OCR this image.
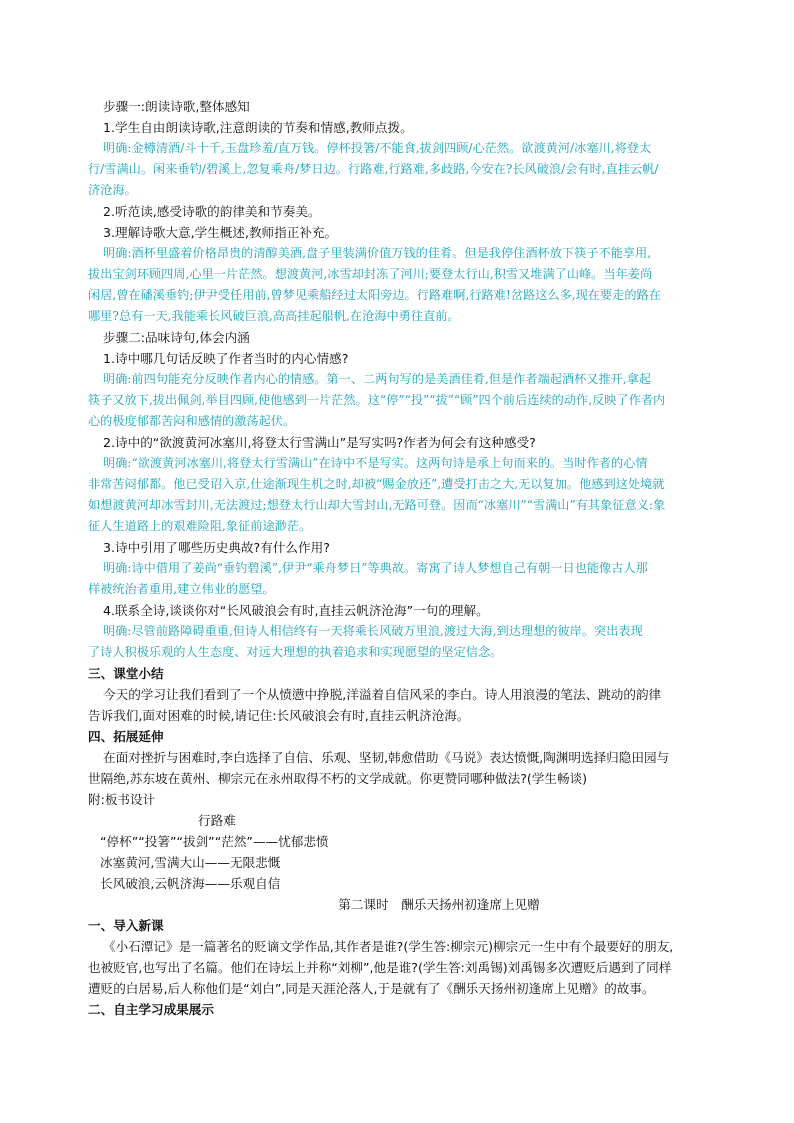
步骤一:朗读诗歌,整体感知
1.学生自由朗读诗歌,注意朗读的节奏和情感,教师点拨。
明确:金樽清酒/斗十千,玉盘珍羞/直万钱。停杯投箸/不能食,拔剑四顾/心茫然。欲渡黄河/冰塞川,将登太
行/雪满山。闲来垂钓/碧溪上,忽复乘舟/梦日边。行路难,行路难,多歧路,今安在?长风破浪/会有时,直挂云帆/
济沧海。
2.听范读,感受诗歌的韵律美和节奏美。
3.理解诗歌大意,学生概述,教师指正补充。
明确:酒杯里盛着价格昂贵的清醇美酒,盘子里装满价值万钱的佳肴。但是我停住酒杯放下筷子不能享用,
拔出宝剑环顾四周,心里一片茫然。想渡黄河,冰雪却封冻了河川;要登太行山,积雪又堆满了山峰。当年姜尚
闲居,曾在磻溪垂钓;伊尹受任用前,曾梦见乘船经过太阳旁边。行路难啊,行路难!岔路这么多,现在要走的路在
哪里?总有一天,我能乘长风破巨浪,高高挂起船帆,在沧海中勇往直前。
步骤二:品味诗句,体会内涵
1.诗中哪几句话反映了作者当时的内心情感?
明确:前四句能充分反映作者内心的情感。第一、二两句写的是美酒佳肴,但是作者端起酒杯又推开,拿起
筷子又放下,拔出佩剑,举目四顾,使他感到一片茫然。这“停”“投”“拔”“顾”四个前后连续的动作,反映了作者内
心的极度郁都苦闷和感情的激荡起伏。
2.诗中的“欲渡黄河冰塞川,将登太行雪满山”是写实吗?作者为何会有这种感受?
明确:“欲渡黄河冰塞川,将登太行雪满山”在诗中不是写实。这两句诗是承上句而来的。当时作者的心情
非常苦闷郁都。他已受诏入京,仕途渐现生机之时,却被“赐金放还”,遭受打击之大,无以复加。他感到这处境就
如想渡黄河却冰雪封川,无法渡过;想登太行山却大雪封山,无路可登。因而“冰塞川”“雪满山”有其象征意义:象
征人生道路上的艰难险阻,象征前途渺茫。
3.诗中引用了哪些历史典故?有什么作用?
明确:诗中借用了姜尚“垂钓碧溪”,伊尹“乘舟梦日”等典故。寄寓了诗人梦想自己有朝一日也能像古人那
样被统治者重用,建立伟业的愿望。
4.联系全诗,谈谈你对“长风破浪会有时,直挂云帆济沧海”一句的理解。
明确:尽管前路障碍重重,但诗人相信终有一天将乘长风破万里浪,渡过大海,到达理想的彼岸。突出表现
了诗人积极乐观的人生态度、对远大理想的执着追求和实现愿望的坚定信念。
三、课堂小结
今天的学习让我们看到了一个从愤懑中挣脱,洋溢着自信风采的李白。诗人用浪漫的笔法、跳动的韵律
告诉我们,面对困难的时候,请记住:长风破浪会有时,直挂云帆济沧海。
四、拓展延伸
在面对挫折与困难时,李白选择了自信、乐观、坚韧,韩愈借助《马说》表达愤慨,陶渊明选择归隐田园与
世隔绝,苏东坡在黄州、柳宗元在永州取得不朽的文学成就。你更赞同哪种做法?(学生畅谈)
附:板书设计
行路难
“停杯”“投箸”“拔剑”“茫然”——忧郁悲愤
冰塞黄河,雪满大山——无限悲慨
长风破浪,云帆济海——乐观自信
第二课时　酬乐天扬州初逢席上见赠
一、导入新课
《小石潭记》是一篇著名的贬谪文学作品,其作者是谁?(学生答:柳宗元)柳宗元一生中有个最要好的朋友,
也被贬官,也写出了名篇。他们在诗坛上并称“刘柳”,他是谁?(学生答:刘禹锡)刘禹锡多次遭贬后遇到了同样
遭贬的白居易,后人称他们是“刘白”,同是天涯沦落人,于是就有了《酬乐天扬州初逢席上见赠》的故事。
二、自主学习成果展示
